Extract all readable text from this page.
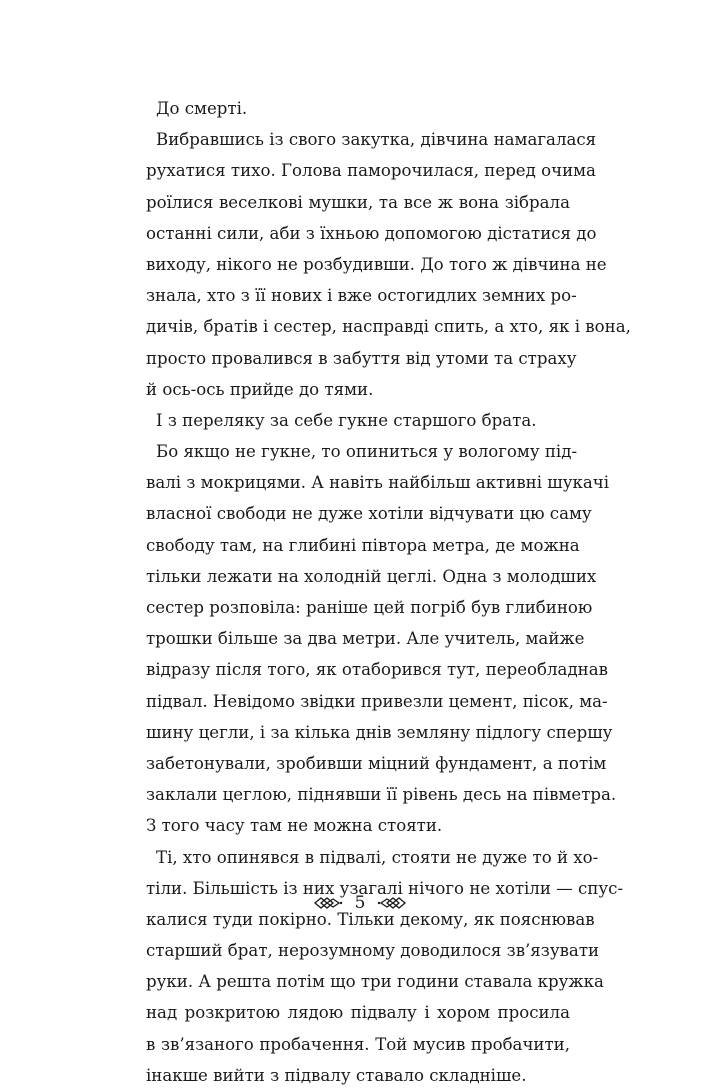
До смерті.
Вибравшись із свого закутка, дівчина намагалася
рухатися тихо. Голова паморочилася, перед очима
роїлися веселкові мушки, та все ж вона зібрала
останні сили, аби з їхньою допомогою дістатися до
виходу, нікого не розбудивши. До того ж дівчина не
знала, хто з її нових і вже остогидлих земних ро-
дичів, братів і сестер, насправді спить, а хто, як і вона,
просто провалився в забуття від утоми та страху
й ось-ось прийде до тями.
І з переляку за себе гукне старшого брата.
Бо якщо не гукне, то опиниться у вологому під-
валі з мокрицями. А навіть найбільш активні шукачі
власної свободи не дуже хотіли відчувати цю саму
свободу там, на глибині півтора метра, де можна
тільки лежати на холодній цеглі. Одна з молодших
сестер розповіла: раніше цей погріб був глибиною
трошки більше за два метри. Але учитель, майже
відразу після того, як отаборився тут, переобладнав
підвал. Невідомо звідки привезли цемент, пісок, ма-
шину цегли, і за кілька днів земляну підлогу спершу
забетонували, зробивши міцний фундамент, а потім
заклали цеглою, піднявши її рівень десь на півметра.
З того часу там не можна стояти.
Ті, хто опинявся в підвалі, стояти не дуже то й хо-
тіли. Більшість із них узагалі нічого не хотіли — спус-
калися туди покірно. Тільки декому, як пояснював
старший брат, нерозумному доводилося зв’язувати
руки. А решта потім що три години ставала кружка
над розкритою лядою підвалу і хором просила
в зв’язаного пробачення. Той мусив пробачити,
інакше вийти з підвалу ставало складніше.
5
